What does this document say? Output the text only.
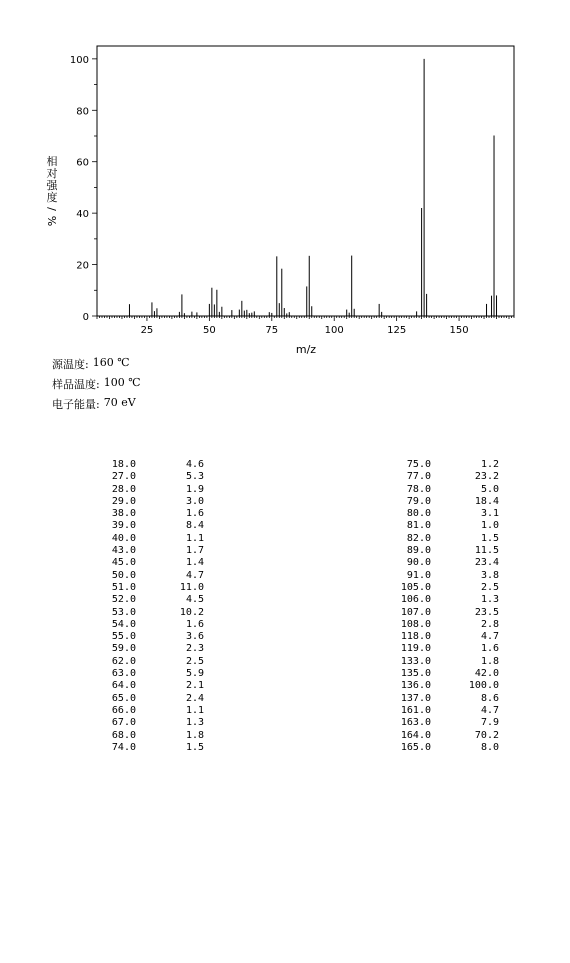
25	50	75	100	125	150
0
20
40
60
80
100
m/z
相
对
强
度
/
%
源温度: 160 ℃
样品温度: 100 ℃
电子能量: 70 eV
18.0	4.6
27.0	5.3
28.0	1.9
29.0	3.0
38.0	1.6
39.0	8.4
40.0	1.1
43.0	1.7
45.0	1.4
50.0	4.7
51.0	11.0
52.0	4.5
53.0	10.2
54.0	1.6
55.0	3.6
59.0	2.3
62.0	2.5
63.0	5.9
64.0	2.1
65.0	2.4
66.0	1.1
67.0	1.3
68.0	1.8
74.0	1.5
75.0	1.2
77.0	23.2
78.0	5.0
79.0	18.4
80.0	3.1
81.0	1.0
82.0	1.5
89.0	11.5
90.0	23.4
91.0	3.8
105.0	2.5
106.0	1.3
107.0	23.5
108.0	2.8
118.0	4.7
119.0	1.6
133.0	1.8
135.0	42.0
136.0	100.0
137.0	8.6
161.0	4.7
163.0	7.9
164.0	70.2
165.0	8.0
